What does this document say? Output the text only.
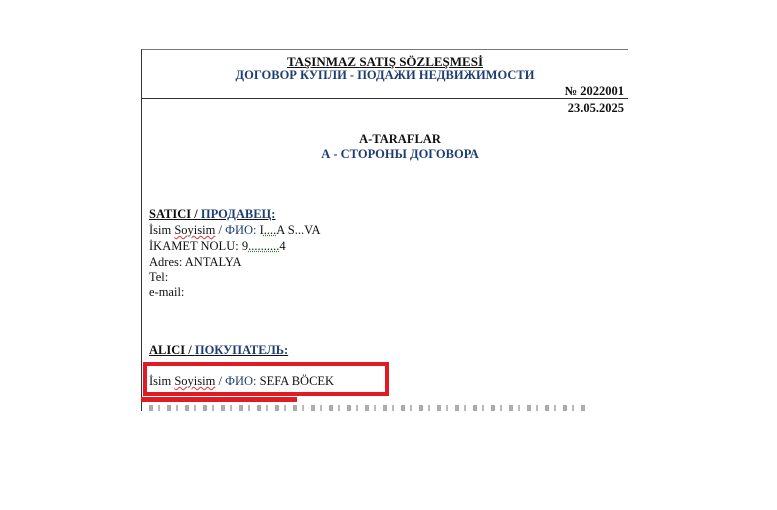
TAŞINMAZ SATIŞ SÖZLEŞMESİ
ДОГОВОР КУПЛИ - ПОДАЖИ НЕДВИЖИМОСТИ
№ 2022001
23.05.2025
A-TARAFLAR
А - СТОРОНЫ ДОГОВОРА
SATICI / ПРОДАВЕЦ:
İsim Soyisim / ФИО: I....A S...VA
İKAMET NOLU: 9..........4
Adres: ANTALYA
Tel:
e-mail:
ALICI / ПОКУПАТЕЛЬ:
İsim Soyisim / ФИО: SEFA BÖCEK
